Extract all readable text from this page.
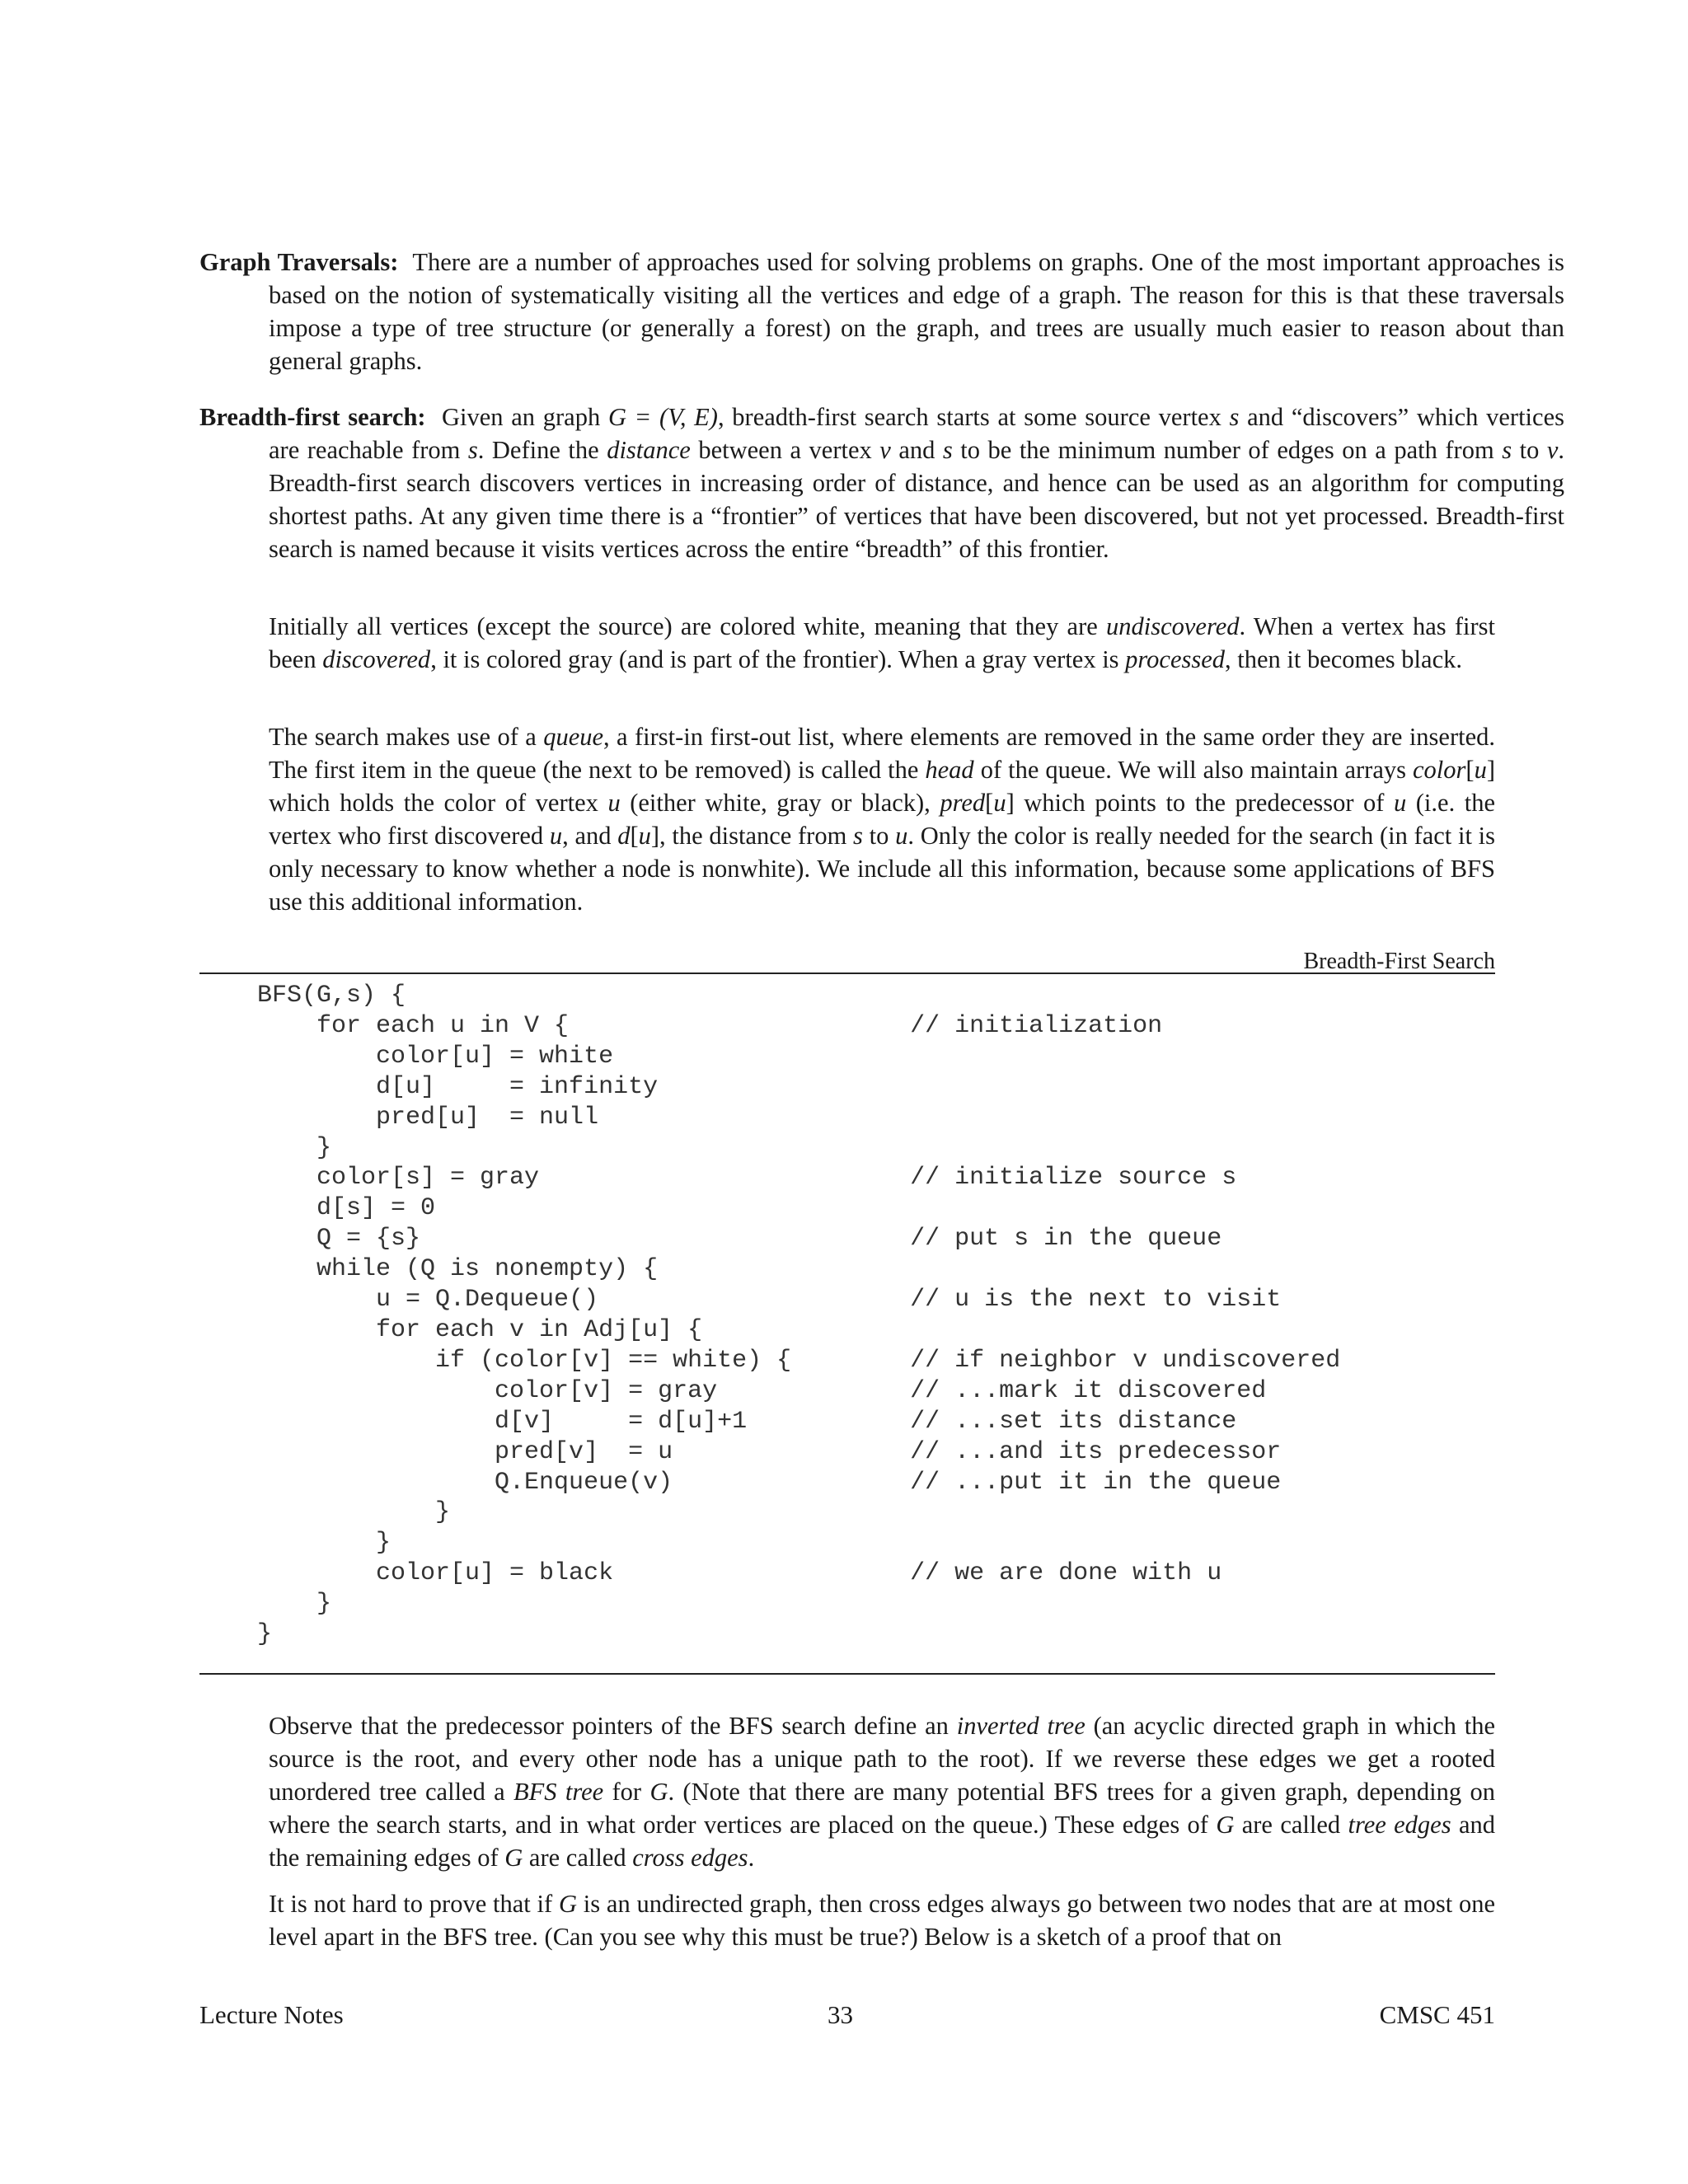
Graph Traversals: There are a number of approaches used for solving problems on graphs. One of the most important approaches is based on the notion of systematically visiting all the vertices and edge of a graph. The reason for this is that these traversals impose a type of tree structure (or generally a forest) on the graph, and trees are usually much easier to reason about than general graphs.

Breadth-first search: Given an graph G = (V, E), breadth-first search starts at some source vertex s and “discovers” which vertices are reachable from s. Define the distance between a vertex v and s to be the minimum number of edges on a path from s to v. Breadth-first search discovers vertices in increasing order of distance, and hence can be used as an algorithm for computing shortest paths. At any given time there is a “frontier” of vertices that have been discovered, but not yet processed. Breadth-first search is named because it visits vertices across the entire “breadth” of this frontier.

Initially all vertices (except the source) are colored white, meaning that they are undiscovered. When a vertex has first been discovered, it is colored gray (and is part of the frontier). When a gray vertex is processed, then it becomes black.

The search makes use of a queue, a first-in first-out list, where elements are removed in the same order they are inserted. The first item in the queue (the next to be removed) is called the head of the queue. We will also maintain arrays color[u] which holds the color of vertex u (either white, gray or black), pred[u] which points to the predecessor of u (i.e. the vertex who first discovered u, and d[u], the distance from s to u. Only the color is really needed for the search (in fact it is only necessary to know whether a node is nonwhite). We include all this information, because some applications of BFS use this additional information.

Breadth-First Search
BFS(G,s) {
for each u in V {                       // initialization
color[u] = white
d[u]     = infinity
pred[u]  = null
}
color[s] = gray                         // initialize source s
d[s] = 0
Q = {s}                                 // put s in the queue
while (Q is nonempty) {
u = Q.Dequeue()                     // u is the next to visit
for each v in Adj[u] {
if (color[v] == white) {        // if neighbor v undiscovered
color[v] = gray             // ...mark it discovered
d[v]     = d[u]+1           // ...set its distance
pred[v]  = u                // ...and its predecessor
Q.Enqueue(v)                // ...put it in the queue
}
}
color[u] = black                    // we are done with u
}
}

Observe that the predecessor pointers of the BFS search define an inverted tree (an acyclic directed graph in which the source is the root, and every other node has a unique path to the root). If we reverse these edges we get a rooted unordered tree called a BFS tree for G. (Note that there are many potential BFS trees for a given graph, depending on where the search starts, and in what order vertices are placed on the queue.) These edges of G are called tree edges and the remaining edges of G are called cross edges.

It is not hard to prove that if G is an undirected graph, then cross edges always go between two nodes that are at most one level apart in the BFS tree. (Can you see why this must be true?) Below is a sketch of a proof that on

Lecture Notes	33	CMSC 451
